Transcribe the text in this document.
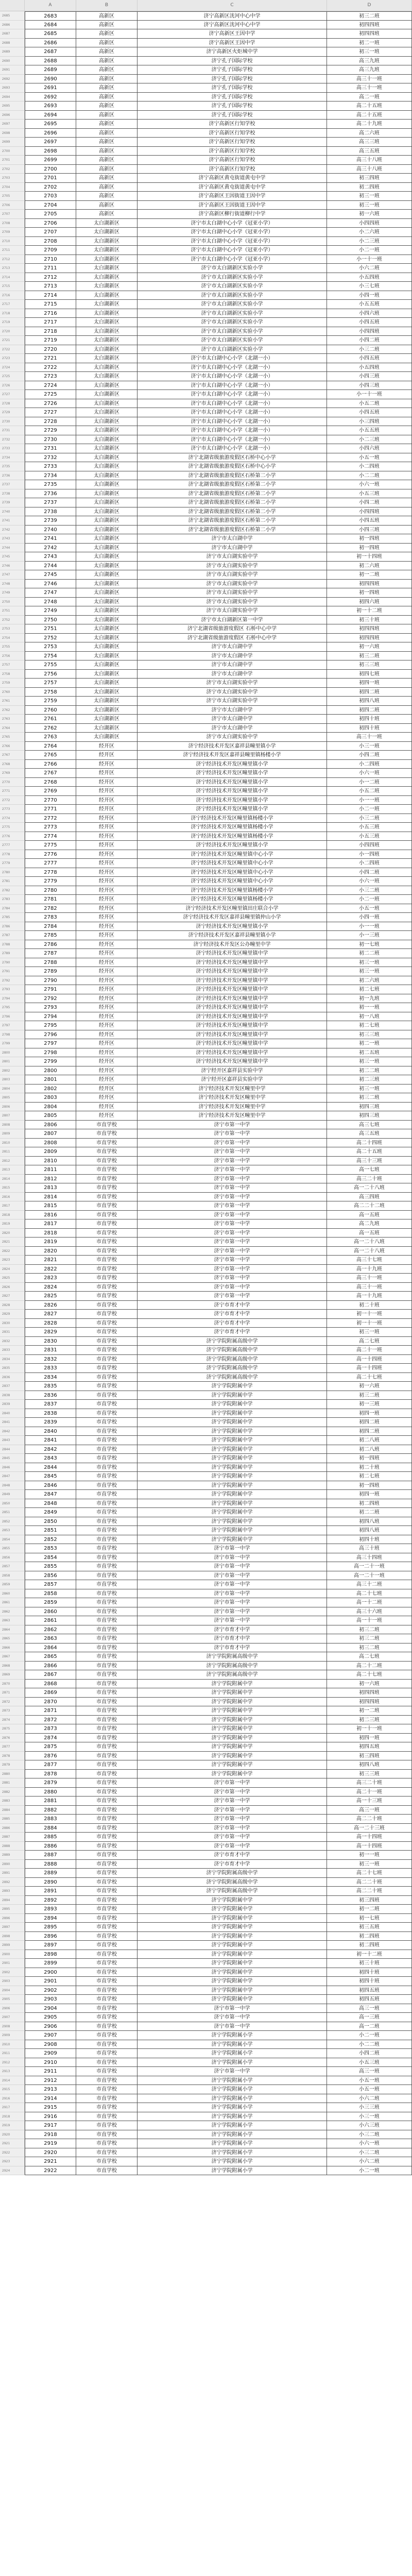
A	B	C	D
2685	2683	高新区	济宁高新区洸河中心中学	初三二班
2686	2684	高新区	济宁高新区洸河中心中学	初四四班
2687	2685	高新区	济宁高新区王因中学	初四四班
2688	2686	高新区	济宁高新区王因中学	初二一班
2689	2687	高新区	济宁高新区火炬城中学	初三一班
2690	2688	高新区	济宁孔子国际学校	高三九班
2691	2689	高新区	济宁孔子国际学校	高三九班
2692	2690	高新区	济宁孔子国际学校	高三十一班
2693	2691	高新区	济宁孔子国际学校	高三十一班
2694	2692	高新区	济宁孔子国际学校	高二一班
2695	2693	高新区	济宁孔子国际学校	高二十五班
2696	2694	高新区	济宁孔子国际学校	高二十五班
2697	2695	高新区	济宁高新区行知学校	高二十九班
2698	2696	高新区	济宁高新区行知学校	高二六班
2699	2697	高新区	济宁高新区行知学校	高三三班
2700	2698	高新区	济宁高新区行知学校	高三五班
2701	2699	高新区	济宁高新区行知学校	高三十八班
2702	2700	高新区	济宁高新区行知学校	高三十八班
2703	2701	高新区	济宁高新区黄屯街道黄屯中学	初三四班
2704	2702	高新区	济宁高新区黄屯街道黄屯中学	初二四班
2705	2703	高新区	济宁高新区王因街道王因中学	初三一班
2706	2704	高新区	济宁高新区王因街道王因中学	初三一班
2707	2705	高新区	济宁高新区柳行街道柳行中学	初一六班
2708	2706	太白湖新区	济宁市太白湖中心小学（冠亚小学）	小四四班
2709	2707	太白湖新区	济宁市太白湖中心小学（冠亚小学）	小二六班
2710	2708	太白湖新区	济宁市太白湖中心小学（冠亚小学）	小二三班
2711	2709	太白湖新区	济宁市太白湖中心小学（冠亚小学）	小二一班
2712	2710	太白湖新区	济宁市太白湖中心小学（冠亚小学）	小一十一班
2713	2711	太白湖新区	济宁市太白湖新区实验小学	小六二班
2714	2712	太白湖新区	济宁市太白湖新区实验小学	小五四班
2715	2713	太白湖新区	济宁市太白湖新区实验小学	小三七班
2716	2714	太白湖新区	济宁市太白湖新区实验小学	小四一班
2717	2715	太白湖新区	济宁市太白湖新区实验小学	小五五班
2718	2716	太白湖新区	济宁市太白湖新区实验小学	小四六班
2719	2717	太白湖新区	济宁市太白湖新区实验小学	小四五班
2720	2718	太白湖新区	济宁市太白湖新区实验小学	小四四班
2721	2719	太白湖新区	济宁市太白湖新区实验小学	小四二班
2722	2720	太白湖新区	济宁市太白湖新区实验小学	小三二班
2723	2721	太白湖新区	济宁市太白湖中心小学（北湖一小）	小四五班
2724	2722	太白湖新区	济宁市太白湖中心小学（北湖一小）	小五四班
2725	2723	太白湖新区	济宁市太白湖中心小学（北湖一小）	小四三班
2726	2724	太白湖新区	济宁市太白湖中心小学（北湖一小）	小四三班
2727	2725	太白湖新区	济宁市太白湖中心小学（北湖一小）	小一十一班
2728	2726	太白湖新区	济宁市太白湖中心小学（北湖一小）	小五二班
2729	2727	太白湖新区	济宁市太白湖中心小学（北湖一小）	小四五班
2730	2728	太白湖新区	济宁市太白湖中心小学（北湖一小）	小三四班
2731	2729	太白湖新区	济宁市太白湖中心小学（北湖一小）	小五五班
2732	2730	太白湖新区	济宁市太白湖中心小学（北湖一小）	小二三班
2733	2731	太白湖新区	济宁市太白湖中心小学（北湖一小）	小四六班
2734	2732	太白湖新区	济宁北湖省级旅游度假区石桥中心小学	小五一班
2735	2733	太白湖新区	济宁北湖省级旅游度假区石桥中心小学	小二四班
2736	2734	太白湖新区	济宁北湖省级旅游度假区石桥第二小学	小二二班
2737	2735	太白湖新区	济宁北湖省级旅游度假区石桥第二小学	小六一班
2738	2736	太白湖新区	济宁北湖省级旅游度假区石桥第二小学	小五三班
2739	2737	太白湖新区	济宁北湖省级旅游度假区石桥第二小学	小四二班
2740	2738	太白湖新区	济宁北湖省级旅游度假区石桥第二小学	小四四班
2741	2739	太白湖新区	济宁北湖省级旅游度假区石桥第二小学	小四五班
2742	2740	太白湖新区	济宁北湖省级旅游度假区石桥第二小学	小四三班
2743	2741	太白湖新区	济宁市太白湖中学	初一四班
2744	2742	太白湖新区	济宁市太白湖中学	初一四班
2745	2743	太白湖新区	济宁市太白湖实验中学	初一十四班
2746	2744	太白湖新区	济宁市太白湖实验中学	初二六班
2747	2745	太白湖新区	济宁市太白湖实验中学	初一二班
2748	2746	太白湖新区	济宁市太白湖实验中学	初四四班
2749	2747	太白湖新区	济宁市太白湖实验中学	初一四班
2750	2748	太白湖新区	济宁市太白湖实验中学	初四六班
2751	2749	太白湖新区	济宁市太白湖实验中学	初一十二班
2752	2750	太白湖新区	济宁市太白湖新区第一中学	初三十班
2753	2751	太白湖新区	济宁北湖省级旅游度假区 石桥中心中学	初四四班
2754	2752	太白湖新区	济宁北湖省级旅游度假区 石桥中心中学	初四四班
2755	2753	太白湖新区	济宁市太白湖中学	初一六班
2756	2754	太白湖新区	济宁市太白湖中学	初三二班
2757	2755	太白湖新区	济宁市太白湖中学	初三三班
2758	2756	太白湖新区	济宁市太白湖中学	初四七班
2759	2757	太白湖新区	济宁市太白湖实验中学	初四一班
2760	2758	太白湖新区	济宁市太白湖实验中学	初四二班
2761	2759	太白湖新区	济宁市太白湖实验中学	初四八班
2762	2760	太白湖新区	济宁市太白湖中学	初四二班
2763	2761	太白湖新区	济宁市太白湖中学	初四十班
2764	2762	太白湖新区	济宁市太白湖中学	初四十班
2765	2763	太白湖新区	济宁市太白湖实验中学	高三十一班
2766	2764	经开区	济宁经济技术开发区嘉祥县疃里镇小学	小三一班
2767	2765	经开区	济宁经济技术开发区嘉祥县疃里镇杨楼小学	小四二班
2768	2766	经开区	济宁经济技术开发区疃里镇小学	小二四班
2769	2767	经开区	济宁经济技术开发区疃里镇小学	小六一班
2770	2768	经开区	济宁经济技术开发区疃里镇小学	小一二班
2771	2769	经开区	济宁经济技术开发区疃里镇小学	小五二班
2772	2770	经开区	济宁经济技术开发区疃里镇小学	小一一班
2773	2771	经开区	济宁经济技术开发区疃里镇小学	小二一班
2774	2772	经开区	济宁经济技术开发区疃里镇杨楼小学	小三二班
2775	2773	经开区	济宁经济技术开发区疃里镇杨楼小学	小五三班
2776	2774	经开区	济宁经济技术开发区疃里镇杨楼小学	小五三班
2777	2775	经开区	济宁经济技术开发区疃里镇小学	小四四班
2778	2776	经开区	济宁经济技术开发区疃里镇中心小学	小一四班
2779	2777	经开区	济宁经济技术开发区疃里镇中心小学	小二四班
2780	2778	经开区	济宁经济技术开发区疃里镇中心小学	小四二班
2781	2779	经开区	济宁经济技术开发区疃里镇中心小学	小六一班
2782	2780	经开区	济宁经济技术开发区疃里镇杨楼小学	小三二班
2783	2781	经开区	济宁经济技术开发区疃里镇杨楼小学	小二一班
2784	2782	经开区	济宁经济技术开发区疃里镇田庄联合小学	小五一班
2785	2783	经开区	济宁经济技术开发区嘉祥县疃里镇仲山小学	小四一班
2786	2784	经开区	济宁经济技术开发区疃里镇小学	小一一班
2787	2785	经开区	济宁经济技术开发区嘉祥县疃里镇小学	小一三班
2788	2786	经开区	济宁经济技术开发区公办疃里中学	初一七班
2789	2787	经开区	济宁经济技术开发区疃里镇中学	初二二班
2790	2788	经开区	济宁经济技术开发区疃里镇中学	初三一班
2791	2789	经开区	济宁经济技术开发区疃里镇中学	初三一班
2792	2790	经开区	济宁经济技术开发区疃里镇中学	初二六班
2793	2791	经开区	济宁经济技术开发区疃里镇中学	初二七班
2794	2792	经开区	济宁经济技术开发区疃里镇中学	初一九班
2795	2793	经开区	济宁经济技术开发区疃里镇中学	初一一班
2796	2794	经开区	济宁经济技术开发区疃里镇中学	初一八班
2797	2795	经开区	济宁经济技术开发区疃里镇中学	初二七班
2798	2796	经开区	济宁经济技术开发区疃里镇中学	初三三班
2799	2797	经开区	济宁经济技术开发区疃里镇中学	初二一班
2800	2798	经开区	济宁经济技术开发区疃里镇中学	初二五班
2801	2799	经开区	济宁经济技术开发区疃里镇中学	初三一班
2802	2800	经开区	济宁经开区嘉祥县实验中学	初二二班
2803	2801	经开区	济宁经开区嘉祥县实验中学	初二三班
2804	2802	经开区	济宁经济技术开发区疃里中学	初三一班
2805	2803	经开区	济宁经济技术开发区疃里中学	初三二班
2806	2804	经开区	济宁经济技术开发区疃里中学	初四三班
2807	2805	经开区	济宁经济技术开发区疃里中学	初四三班
2808	2806	市直学校	济宁市第一中学	高三七班
2809	2807	市直学校	济宁市第一中学	高三五班
2810	2808	市直学校	济宁市第一中学	高二十四班
2811	2809	市直学校	济宁市第一中学	高二十五班
2812	2810	市直学校	济宁市第一中学	高三十三班
2813	2811	市直学校	济宁市第一中学	高一七班
2814	2812	市直学校	济宁市第一中学	高三二十班
2815	2813	市直学校	济宁市第一中学	高一二十八班
2816	2814	市直学校	济宁市第一中学	高三四班
2817	2815	市直学校	济宁市第一中学	高二二十二班
2818	2816	市直学校	济宁市第一中学	高一五班
2819	2817	市直学校	济宁市第一中学	高二九班
2820	2818	市直学校	济宁市第一中学	高一五班
2821	2819	市直学校	济宁市第一中学	高一二十八班
2822	2820	市直学校	济宁市第一中学	高一二十八班
2823	2821	市直学校	济宁市第一中学	高三十七班
2824	2822	市直学校	济宁市第一中学	高一十九班
2825	2823	市直学校	济宁市第一中学	高三十一班
2826	2824	市直学校	济宁市第一中学	高三十一班
2827	2825	市直学校	济宁市第一中学	高一十九班
2828	2826	市直学校	济宁市育才中学	初二十班
2829	2827	市直学校	济宁市育才中学	初一十一班
2830	2828	市直学校	济宁市育才中学	初一十一班
2831	2829	市直学校	济宁市育才中学	初三一班
2832	2830	市直学校	济宁学院附属高级中学	高二七班
2833	2831	市直学校	济宁学院附属高级中学	高二十一班
2834	2832	市直学校	济宁学院附属高级中学	高一十四班
2835	2833	市直学校	济宁学院附属高级中学	高一十四班
2836	2834	市直学校	济宁学院附属高级中学	高二十七班
2837	2835	市直学校	济宁学院附属中学	初一六班
2838	2836	市直学校	济宁学院附属中学	初三二班
2839	2837	市直学校	济宁学院附属中学	初一三班
2840	2838	市直学校	济宁学院附属中学	初四一班
2841	2839	市直学校	济宁学院附属中学	初四二班
2842	2840	市直学校	济宁学院附属中学	初四二班
2843	2841	市直学校	济宁学院附属中学	初二八班
2844	2842	市直学校	济宁学院附属中学	初二八班
2845	2843	市直学校	济宁学院附属中学	初一四班
2846	2844	市直学校	济宁学院附属中学	初二十班
2847	2845	市直学校	济宁学院附属中学	初二七班
2848	2846	市直学校	济宁学院附属中学	初一四班
2849	2847	市直学校	济宁学院附属中学	初四一班
2850	2848	市直学校	济宁学院附属中学	初二四班
2851	2849	市直学校	济宁学院附属中学	初二二班
2852	2850	市直学校	济宁学院附属中学	初四八班
2853	2851	市直学校	济宁学院附属中学	初四八班
2854	2852	市直学校	济宁学院附属中学	初四十班
2855	2853	市直学校	济宁市第一中学	高三十班
2856	2854	市直学校	济宁市第一中学	高三十四班
2857	2855	市直学校	济宁市第一中学	高一二十一班
2858	2856	市直学校	济宁市第一中学	高一二十一班
2859	2857	市直学校	济宁市第一中学	高三十二班
2860	2858	市直学校	济宁市第一中学	高二十七班
2861	2859	市直学校	济宁市第一中学	高一十二班
2862	2860	市直学校	济宁市第一中学	高三十六班
2863	2861	市直学校	济宁市第一中学	高一十一班
2864	2862	市直学校	济宁市育才中学	初三二班
2865	2863	市直学校	济宁市育才中学	初三二班
2866	2864	市直学校	济宁市育才中学	初三二班
2867	2865	市直学校	济宁学院附属高级中学	高二七班
2868	2866	市直学校	济宁学院附属高级中学	高二十二班
2869	2867	市直学校	济宁学院附属高级中学	高二十七班
2870	2868	市直学校	济宁学院附属中学	初一六班
2871	2869	市直学校	济宁学院附属中学	初四四班
2872	2870	市直学校	济宁学院附属中学	初四四班
2873	2871	市直学校	济宁学院附属中学	初一二班
2874	2872	市直学校	济宁学院附属中学	初二三班
2875	2873	市直学校	济宁学院附属中学	初一十一班
2876	2874	市直学校	济宁学院附属中学	初四一班
2877	2875	市直学校	济宁学院附属中学	初四五班
2878	2876	市直学校	济宁学院附属中学	初三四班
2879	2877	市直学校	济宁学院附属中学	初四八班
2880	2878	市直学校	济宁学院附属中学	初三三班
2881	2879	市直学校	济宁市第一中学	高三二十班
2882	2880	市直学校	济宁市第一中学	高二十一班
2883	2881	市直学校	济宁市第一中学	高一十三班
2884	2882	市直学校	济宁市第一中学	高三一班
2885	2883	市直学校	济宁市第一中学	高二二十班
2886	2884	市直学校	济宁市第一中学	高一二十三班
2887	2885	市直学校	济宁市第一中学	高一十四班
2888	2886	市直学校	济宁市第一中学	高一十四班
2889	2887	市直学校	济宁市育才中学	初一一班
2890	2888	市直学校	济宁市育才中学	初三一班
2891	2889	市直学校	济宁学院附属高级中学	高二十七班
2892	2890	市直学校	济宁学院附属高级中学	高二二十班
2893	2891	市直学校	济宁学院附属高级中学	高二二十班
2894	2892	市直学校	济宁学院附属中学	初三四班
2895	2893	市直学校	济宁学院附属中学	初一二班
2896	2894	市直学校	济宁学院附属中学	初一七班
2897	2895	市直学校	济宁学院附属中学	初三五班
2898	2896	市直学校	济宁学院附属中学	初二四班
2899	2897	市直学校	济宁学院附属中学	初二四班
2900	2898	市直学校	济宁学院附属中学	初一十二班
2901	2899	市直学校	济宁学院附属中学	初三十班
2902	2900	市直学校	济宁学院附属中学	初四十班
2903	2901	市直学校	济宁学院附属中学	初四十班
2904	2902	市直学校	济宁学院附属中学	初四五班
2905	2903	市直学校	济宁学院附属中学	初四五班
2906	2904	市直学校	济宁市第一中学	高三一班
2907	2905	市直学校	济宁市第一中学	高一三班
2908	2906	市直学校	济宁市第一中学	高一二班
2909	2907	市直学校	济宁学院附属小学	小二一班
2910	2908	市直学校	济宁学院附属小学	小二二班
2911	2909	市直学校	济宁学院附属小学	小四二班
2912	2910	市直学校	济宁学院附属小学	小五三班
2913	2911	市直学校	济宁市第一中学	高三一班
2914	2912	市直学校	济宁学院附属小学	小五一班
2915	2913	市直学校	济宁学院附属小学	小五一班
2916	2914	市直学校	济宁学院附属小学	小六二班
2917	2915	市直学校	济宁学院附属小学	小三三班
2918	2916	市直学校	济宁学院附属小学	小三一班
2919	2917	市直学校	济宁学院附属小学	小六三班
2920	2918	市直学校	济宁学院附属小学	小三二班
2921	2919	市直学校	济宁学院附属小学	小六一班
2922	2920	市直学校	济宁学院附属小学	小三二班
2923	2921	市直学校	济宁学院附属小学	小六二班
2924	2922	市直学校	济宁学院附属小学	小二一班
